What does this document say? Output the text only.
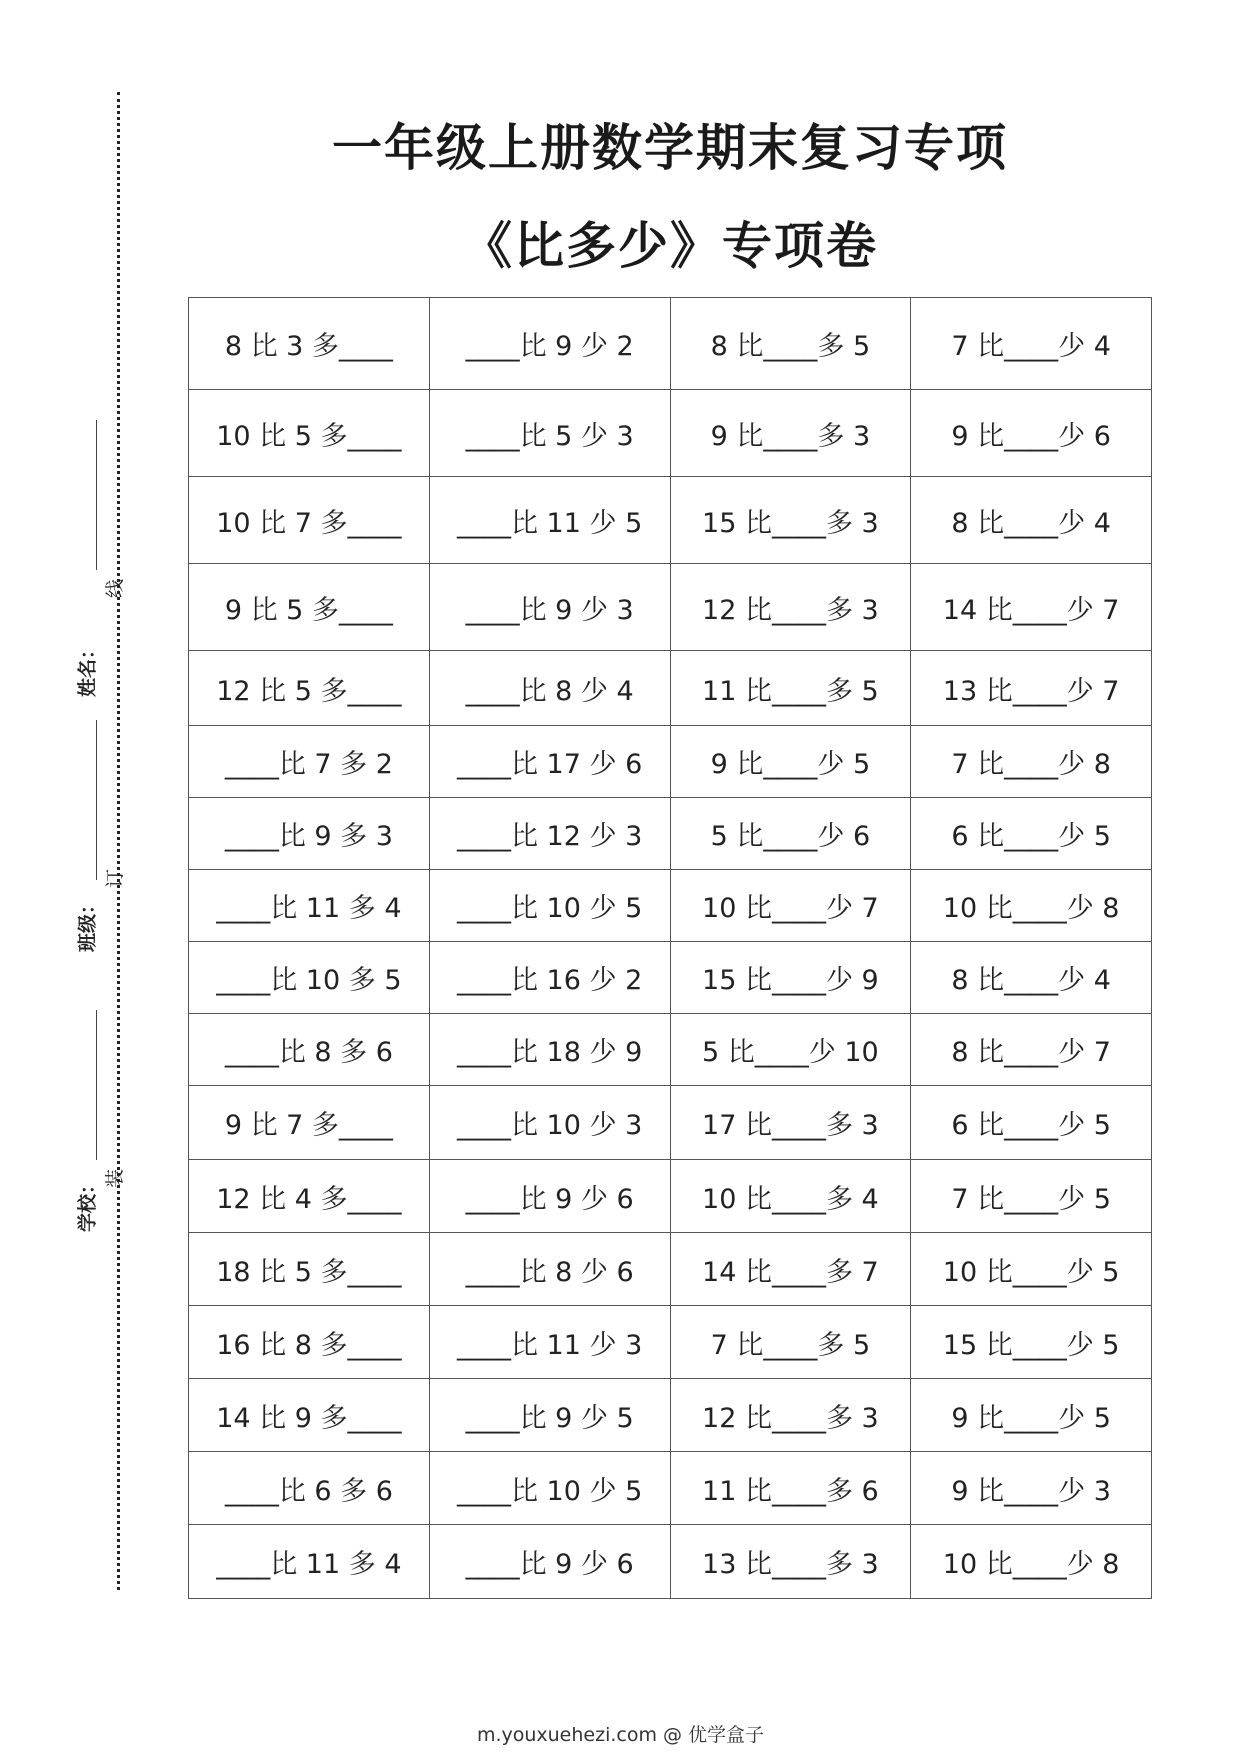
学校：
班级：
姓名：
装
订
线
一年级上册数学期末复习专项
《比多少》专项卷
8 比 3 多____	____比 9 少 2	8 比____多 5	7 比____少 4
10 比 5 多____	____比 5 少 3	9 比____多 3	9 比____少 6
10 比 7 多____	____比 11 少 5	15 比____多 3	8 比____少 4
9 比 5 多____	____比 9 少 3	12 比____多 3	14 比____少 7
12 比 5 多____	____比 8 少 4	11 比____多 5	13 比____少 7
____比 7 多 2	____比 17 少 6	9 比____少 5	7 比____少 8
____比 9 多 3	____比 12 少 3	5 比____少 6	6 比____少 5
____比 11 多 4	____比 10 少 5	10 比____少 7	10 比____少 8
____比 10 多 5	____比 16 少 2	15 比____少 9	8 比____少 4
____比 8 多 6	____比 18 少 9	5 比____少 10	8 比____少 7
9 比 7 多____	____比 10 少 3	17 比____多 3	6 比____少 5
12 比 4 多____	____比 9 少 6	10 比____多 4	7 比____少 5
18 比 5 多____	____比 8 少 6	14 比____多 7	10 比____少 5
16 比 8 多____	____比 11 少 3	7 比____多 5	15 比____少 5
14 比 9 多____	____比 9 少 5	12 比____多 3	9 比____少 5
____比 6 多 6	____比 10 少 5	11 比____多 6	9 比____少 3
____比 11 多 4	____比 9 少 6	13 比____多 3	10 比____少 8
m.youxuehezi.com @ 优学盒子
